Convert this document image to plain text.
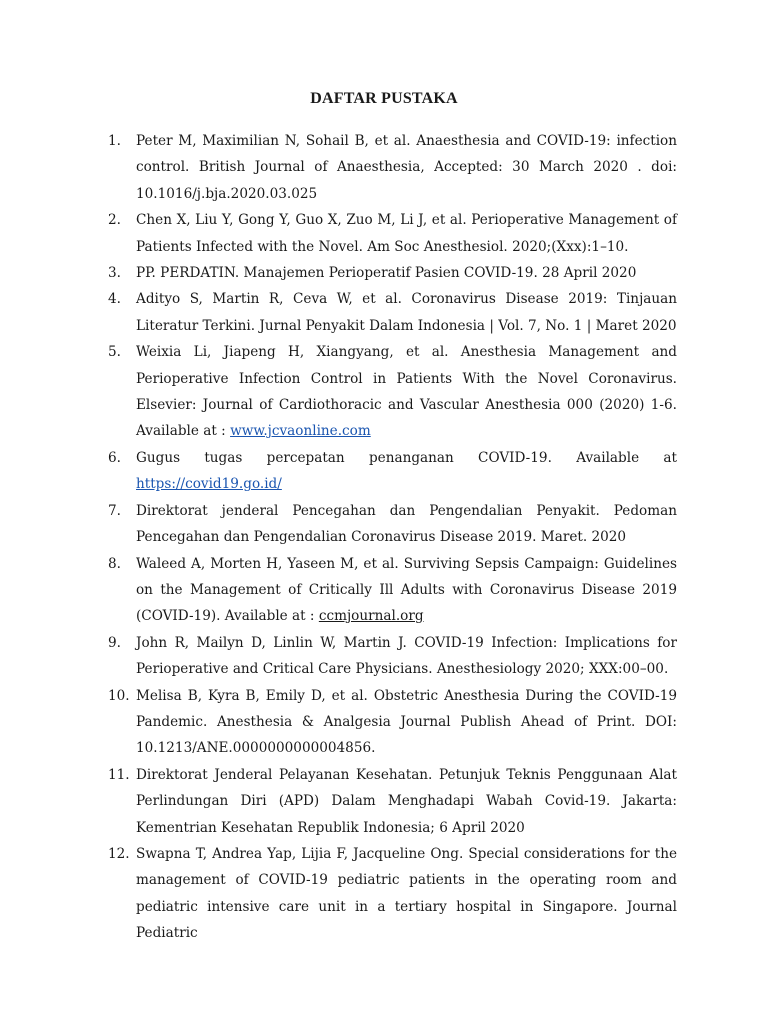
DAFTAR PUSTAKA
1.	Peter M, Maximilian N, Sohail B, et al. Anaesthesia and COVID-19: infection control. British Journal of Anaesthesia, Accepted: 30 March 2020 . doi: 10.1016/j.bja.2020.03.025
2.	Chen X, Liu Y, Gong Y, Guo X, Zuo M, Li J, et al. Perioperative Management of Patients Infected with the Novel. Am Soc Anesthesiol. 2020;(Xxx):1–10.
3.	PP. PERDATIN. Manajemen Perioperatif Pasien COVID-19. 28 April 2020
4.	Adityo S, Martin R, Ceva W, et al. Coronavirus Disease 2019: Tinjauan Literatur Terkini. Jurnal Penyakit Dalam Indonesia | Vol. 7, No. 1 | Maret 2020
5.	Weixia Li, Jiapeng H, Xiangyang, et al. Anesthesia Management and Perioperative Infection Control in Patients With the Novel Coronavirus. Elsevier: Journal of Cardiothoracic and Vascular Anesthesia 000 (2020) 1-6. Available at : www.jcvaonline.com
6.	Gugus tugas percepatan penanganan COVID-19. Available at https://covid19.go.id/
7.	Direktorat jenderal Pencegahan dan Pengendalian Penyakit. Pedoman Pencegahan dan Pengendalian Coronavirus Disease 2019. Maret. 2020
8.	Waleed A, Morten H, Yaseen M, et al. Surviving Sepsis Campaign: Guidelines on the Management of Critically Ill Adults with Coronavirus Disease 2019 (COVID-19). Available at : ccmjournal.org
9.	John R, Mailyn D, Linlin W, Martin J. COVID-19 Infection: Implications for Perioperative and Critical Care Physicians. Anesthesiology 2020; XXX:00–00.
10. Melisa B, Kyra B, Emily D, et al. Obstetric Anesthesia During the COVID-19 Pandemic. Anesthesia & Analgesia Journal Publish Ahead of Print. DOI: 10.1213/ANE.0000000000004856.
11. Direktorat Jenderal Pelayanan Kesehatan. Petunjuk Teknis Penggunaan Alat Perlindungan Diri (APD) Dalam Menghadapi Wabah Covid-19. Jakarta: Kementrian Kesehatan Republik Indonesia; 6 April 2020
12. Swapna T, Andrea Yap, Lijia F, Jacqueline Ong. Special considerations for the management of COVID-19 pediatric patients in the operating room and pediatric intensive care unit in a tertiary hospital in Singapore. Journal Pediatric
